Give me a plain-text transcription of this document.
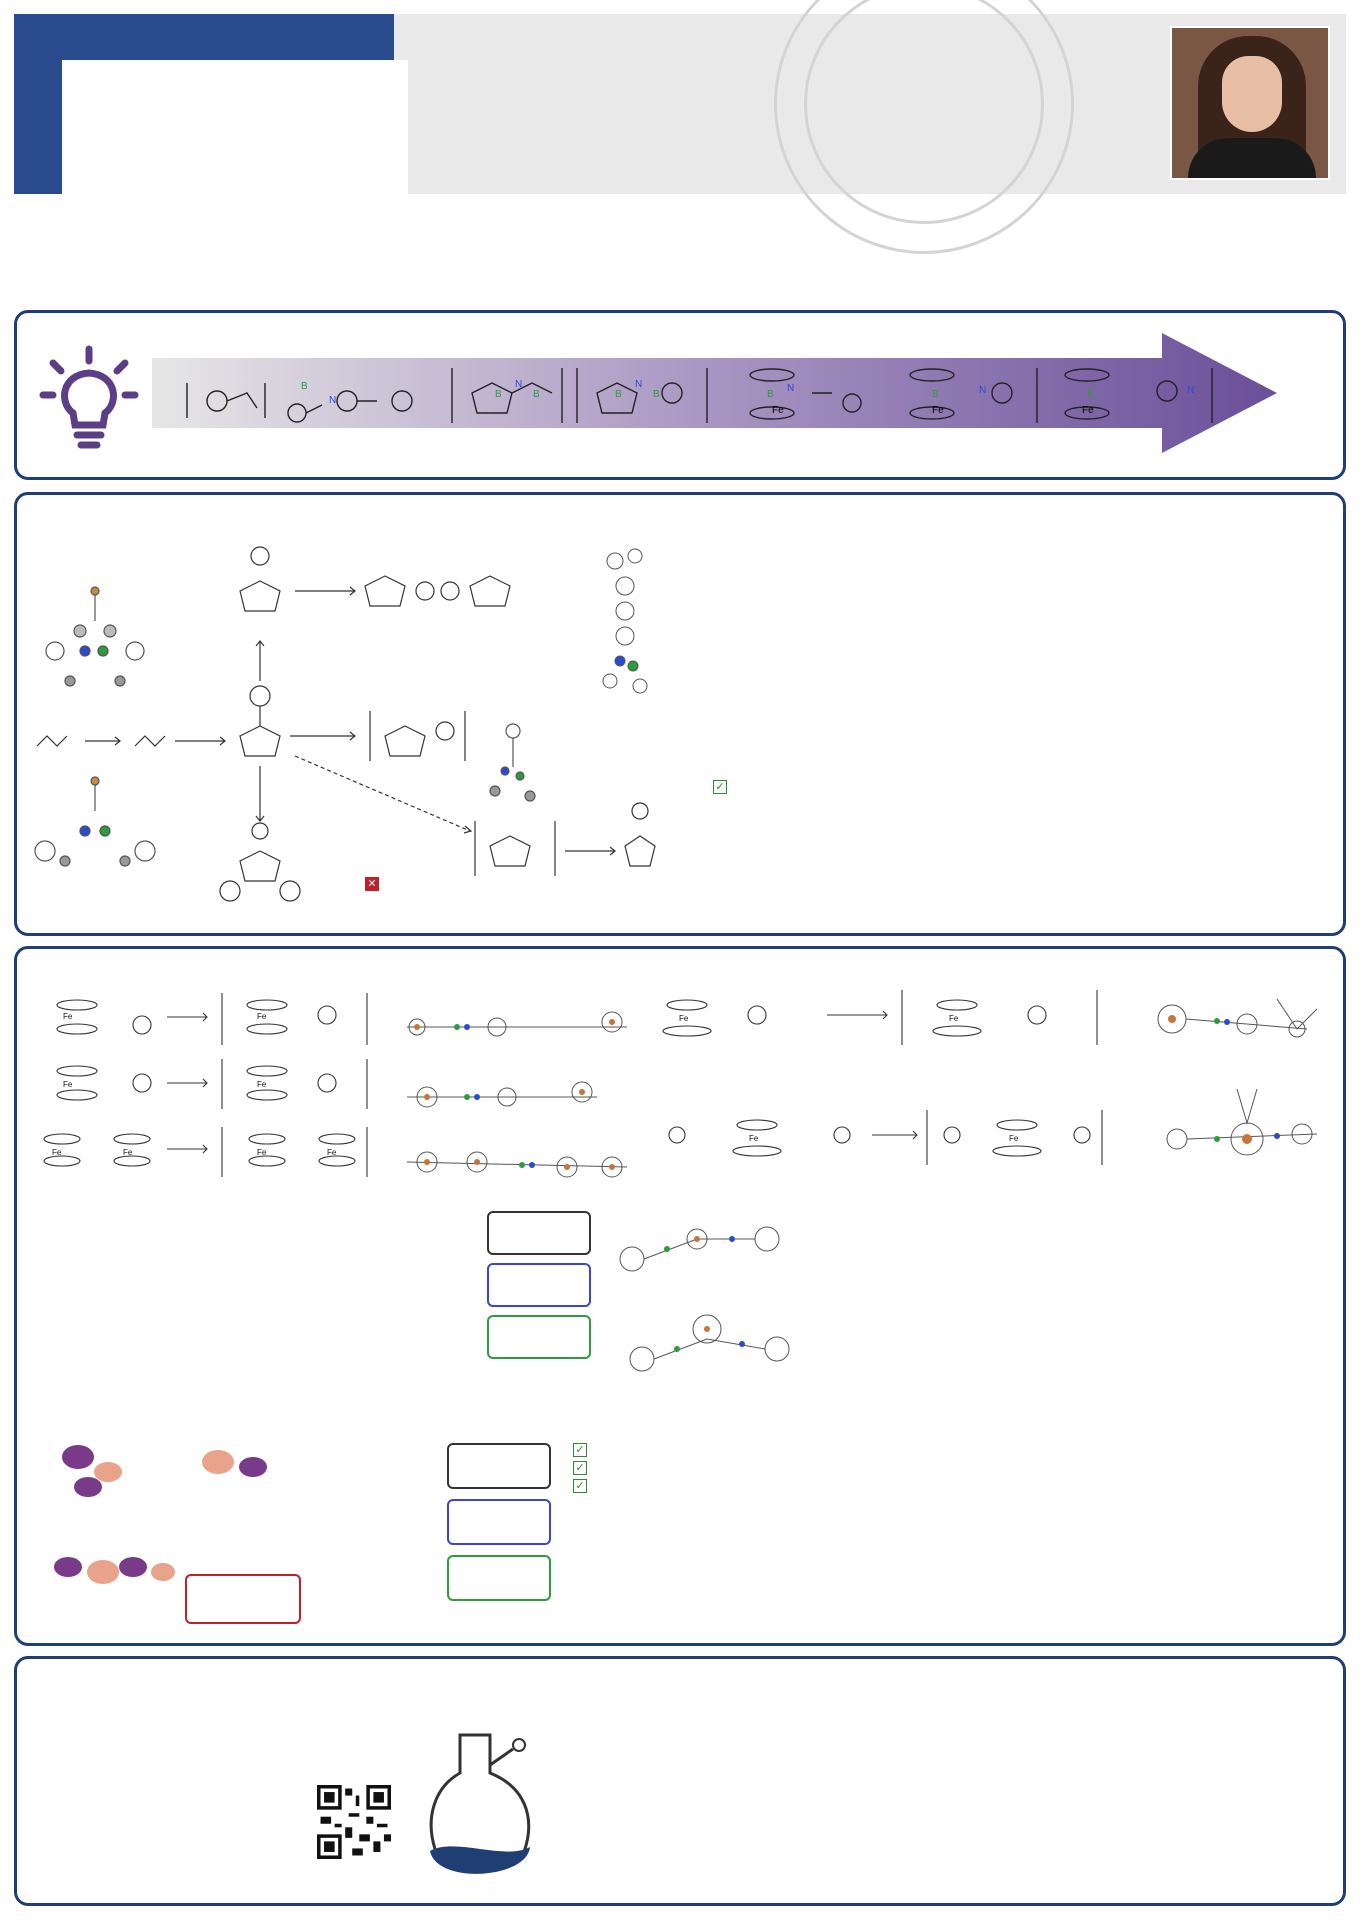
B
N
B
N
B	B
N
B	B
N
Fe
B	N
Fe
B	N
Fe
✓

✕

Fe	Fe
Fe	Fe
Fe	Fe	Fe	Fe
Fe	Fe
Fe	Fe
✓
✓
✓
